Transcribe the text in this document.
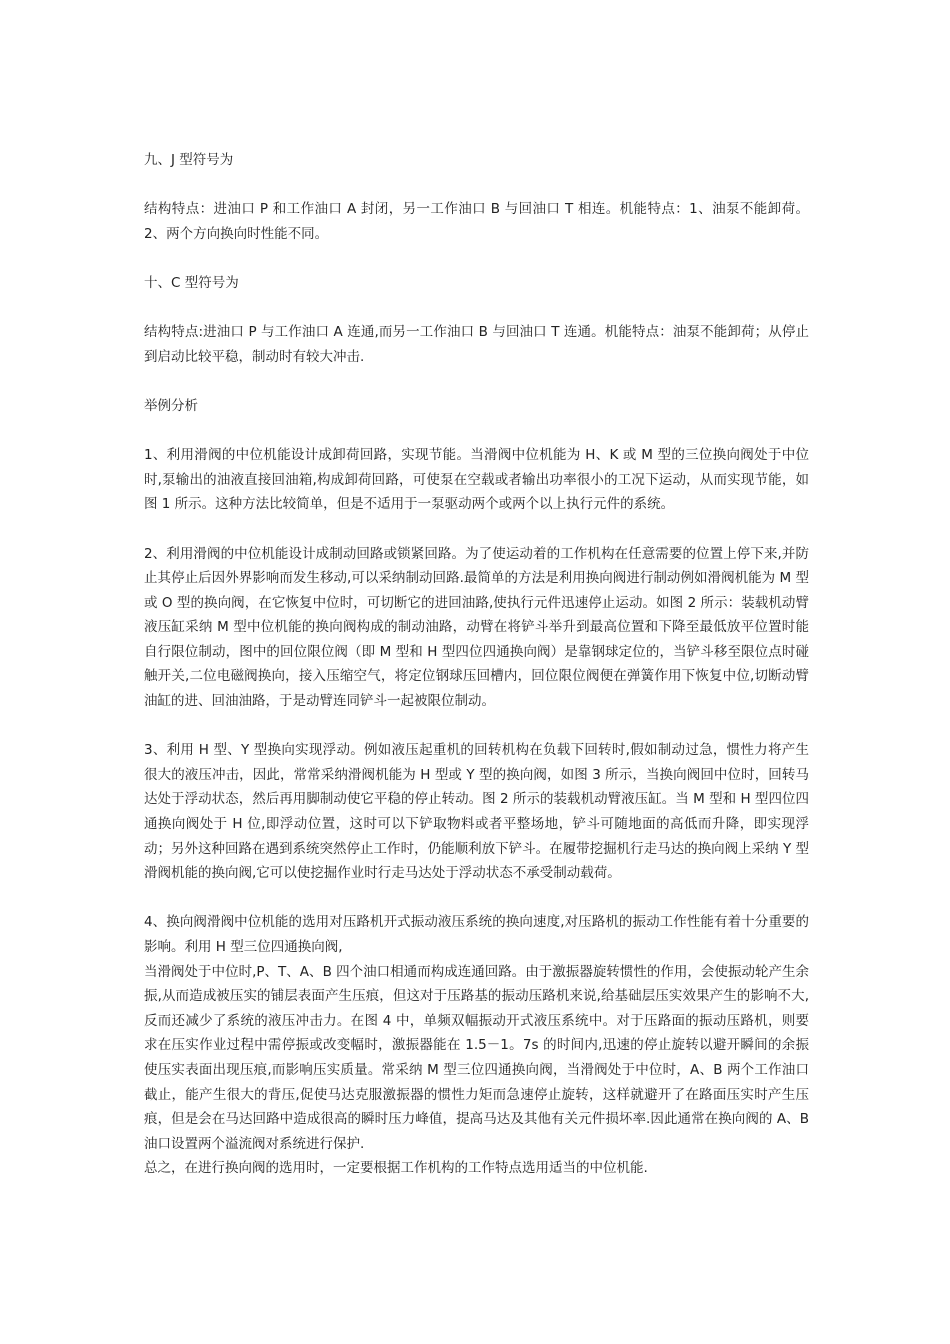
九、J 型符号为

结构特点：进油口 P 和工作油口 A 封闭，另一工作油口 B 与回油口 T 相连。机能特点：1、油泵不能卸荷。2、两个方向换向时性能不同。

十、C 型符号为

结构特点:进油口 P 与工作油口 A 连通,而另一工作油口 B 与回油口 T 连通。机能特点：油泵不能卸荷；从停止到启动比较平稳，制动时有较大冲击.

举例分析

1、利用滑阀的中位机能设计成卸荷回路，实现节能。当滑阀中位机能为 H、K 或 M 型的三位换向阀处于中位时,泵输出的油液直接回油箱,构成卸荷回路，可使泵在空载或者输出功率很小的工况下运动，从而实现节能，如图 1 所示。这种方法比较简单，但是不适用于一泵驱动两个或两个以上执行元件的系统。

2、利用滑阀的中位机能设计成制动回路或锁紧回路。为了使运动着的工作机构在任意需要的位置上停下来,并防止其停止后因外界影响而发生移动,可以采纳制动回路.最简单的方法是利用换向阀进行制动例如滑阀机能为 M 型或 O 型的换向阀，在它恢复中位时，可切断它的进回油路,使执行元件迅速停止运动。如图 2 所示：装载机动臂液压缸采纳 M 型中位机能的换向阀构成的制动油路，动臂在将铲斗举升到最高位置和下降至最低放平位置时能自行限位制动，图中的回位限位阀（即 M 型和 H 型四位四通换向阀）是靠钢球定位的，当铲斗移至限位点时碰触开关,二位电磁阀换向，接入压缩空气，将定位钢球压回槽内，回位限位阀便在弹簧作用下恢复中位,切断动臂油缸的进、回油油路，于是动臂连同铲斗一起被限位制动。

3、利用 H 型、Y 型换向实现浮动。例如液压起重机的回转机构在负载下回转时,假如制动过急，惯性力将产生很大的液压冲击，因此，常常采纳滑阀机能为 H 型或 Y 型的换向阀，如图 3 所示，当换向阀回中位时，回转马达处于浮动状态，然后再用脚制动使它平稳的停止转动。图 2 所示的装载机动臂液压缸。当 M 型和 H 型四位四通换向阀处于 H 位,即浮动位置，这时可以下铲取物料或者平整场地，铲斗可随地面的高低而升降，即实现浮动；另外这种回路在遇到系统突然停止工作时，仍能顺利放下铲斗。在履带挖掘机行走马达的换向阀上采纳 Y 型滑阀机能的换向阀,它可以使挖掘作业时行走马达处于浮动状态不承受制动载荷。

4、换向阀滑阀中位机能的选用对压路机开式振动液压系统的换向速度,对压路机的振动工作性能有着十分重要的影响。利用 H 型三位四通换向阀,

当滑阀处于中位时,P、T、A、B 四个油口相通而构成连通回路。由于激振器旋转惯性的作用，会使振动轮产生余振,从而造成被压实的铺层表面产生压痕，但这对于压路基的振动压路机来说,给基础层压实效果产生的影响不大,反而还减少了系统的液压冲击力。在图 4 中，单频双幅振动开式液压系统中。对于压路面的振动压路机，则要求在压实作业过程中需停振或改变幅时，激振器能在 1.5－1。7s 的时间内,迅速的停止旋转以避开瞬间的余振使压实表面出现压痕,而影响压实质量。常采纳 M 型三位四通换向阀，当滑阀处于中位时，A、B 两个工作油口截止，能产生很大的背压,促使马达克服激振器的惯性力矩而急速停止旋转，这样就避开了在路面压实时产生压痕，但是会在马达回路中造成很高的瞬时压力峰值，提高马达及其他有关元件损坏率.因此通常在换向阀的 A、B 油口设置两个溢流阀对系统进行保护.

总之，在进行换向阀的选用时，一定要根据工作机构的工作特点选用适当的中位机能.
